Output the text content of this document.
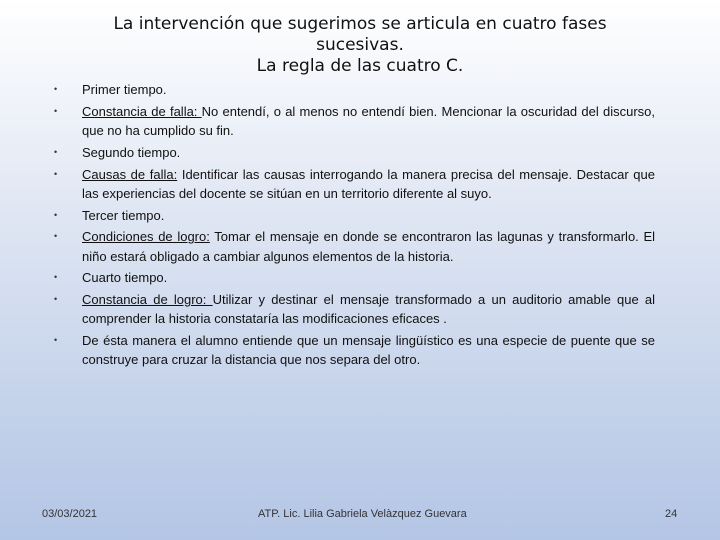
La intervención que sugerimos se articula en cuatro fases
sucesivas.
La regla de las cuatro C.
• Primer tiempo.
• Constancia de falla: No entendí, o al menos no entendí bien. Mencionar la oscuridad del discurso, que no ha cumplido su fin.
• Segundo tiempo.
• Causas de falla: Identificar las causas interrogando la manera precisa del mensaje. Destacar que las experiencias del docente se sitúan en un territorio diferente al suyo.
• Tercer tiempo.
• Condiciones de logro: Tomar el mensaje en donde se encontraron las lagunas y transformarlo. El niño estará obligado a cambiar algunos elementos de la historia.
• Cuarto tiempo.
• Constancia de logro: Utilizar y destinar el mensaje transformado a un auditorio amable que al comprender la historia constataría las modificaciones eficaces .
• De ésta manera el alumno entiende que un mensaje lingüístico es una especie de puente que se construye para cruzar la distancia que nos separa del otro.
03/03/2021	ATP. Lic. Lilia Gabriela Velàzquez Guevara	24
